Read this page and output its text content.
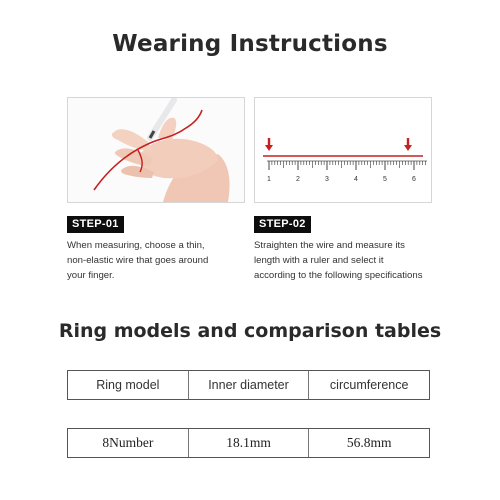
Wearing Instructions
1	2	3	4	5	6
STEP-01	STEP-02
When measuring, choose a thin,
non-elastic wire that goes around
your finger.
Straighten the wire and measure its
length with a ruler and select it
according to the following specifications
Ring models and comparison tables
Ring model	Inner diameter	circumference
8Number	18.1mm	56.8mm
